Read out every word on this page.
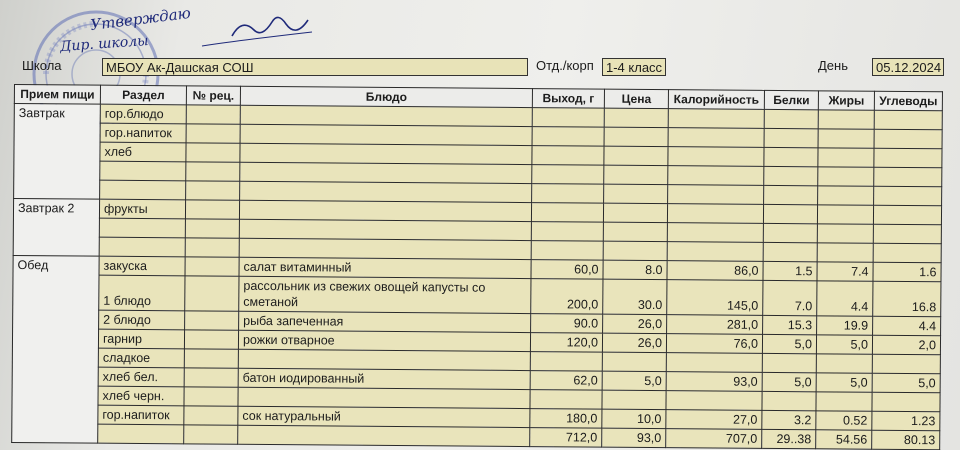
Утверждаю
Дир. школы
Школа	МБОУ Ак-Дашская СОШ	Отд./корп 1-4 класс	День	05.12.2024
Прием пищи	Раздел	№ рец.	Блюдо	Выход, г	Цена	Калорийность	Белки	Жиры	Углеводы
Завтрак	гор.блюдо								
	гор.напиток								
	хлеб								

Завтрак 2	фрукты								

Обед	закуска		салат витаминный	60,0	8.0	86,0	1.5	7.4	1.6
	1 блюдо		рассольник из свежих овощей капусты со сметаной	200,0	30.0	145,0	7.0	4.4	16.8
	2 блюдо		рыба запеченная	90.0	26,0	281,0	15.3	19.9	4.4
	гарнир		рожки отварное	120,0	26,0	76,0	5,0	5,0	2,0
	сладкое								
	хлеб бел.		батон иодированный	62,0	5,0	93,0	5,0	5,0	5,0
	хлеб черн.								
	гор.напиток		сок натуральный	180,0	10,0	27,0	3.2	0.52	1.23
				712,0	93,0	707,0	29..38	54.56	80.13
